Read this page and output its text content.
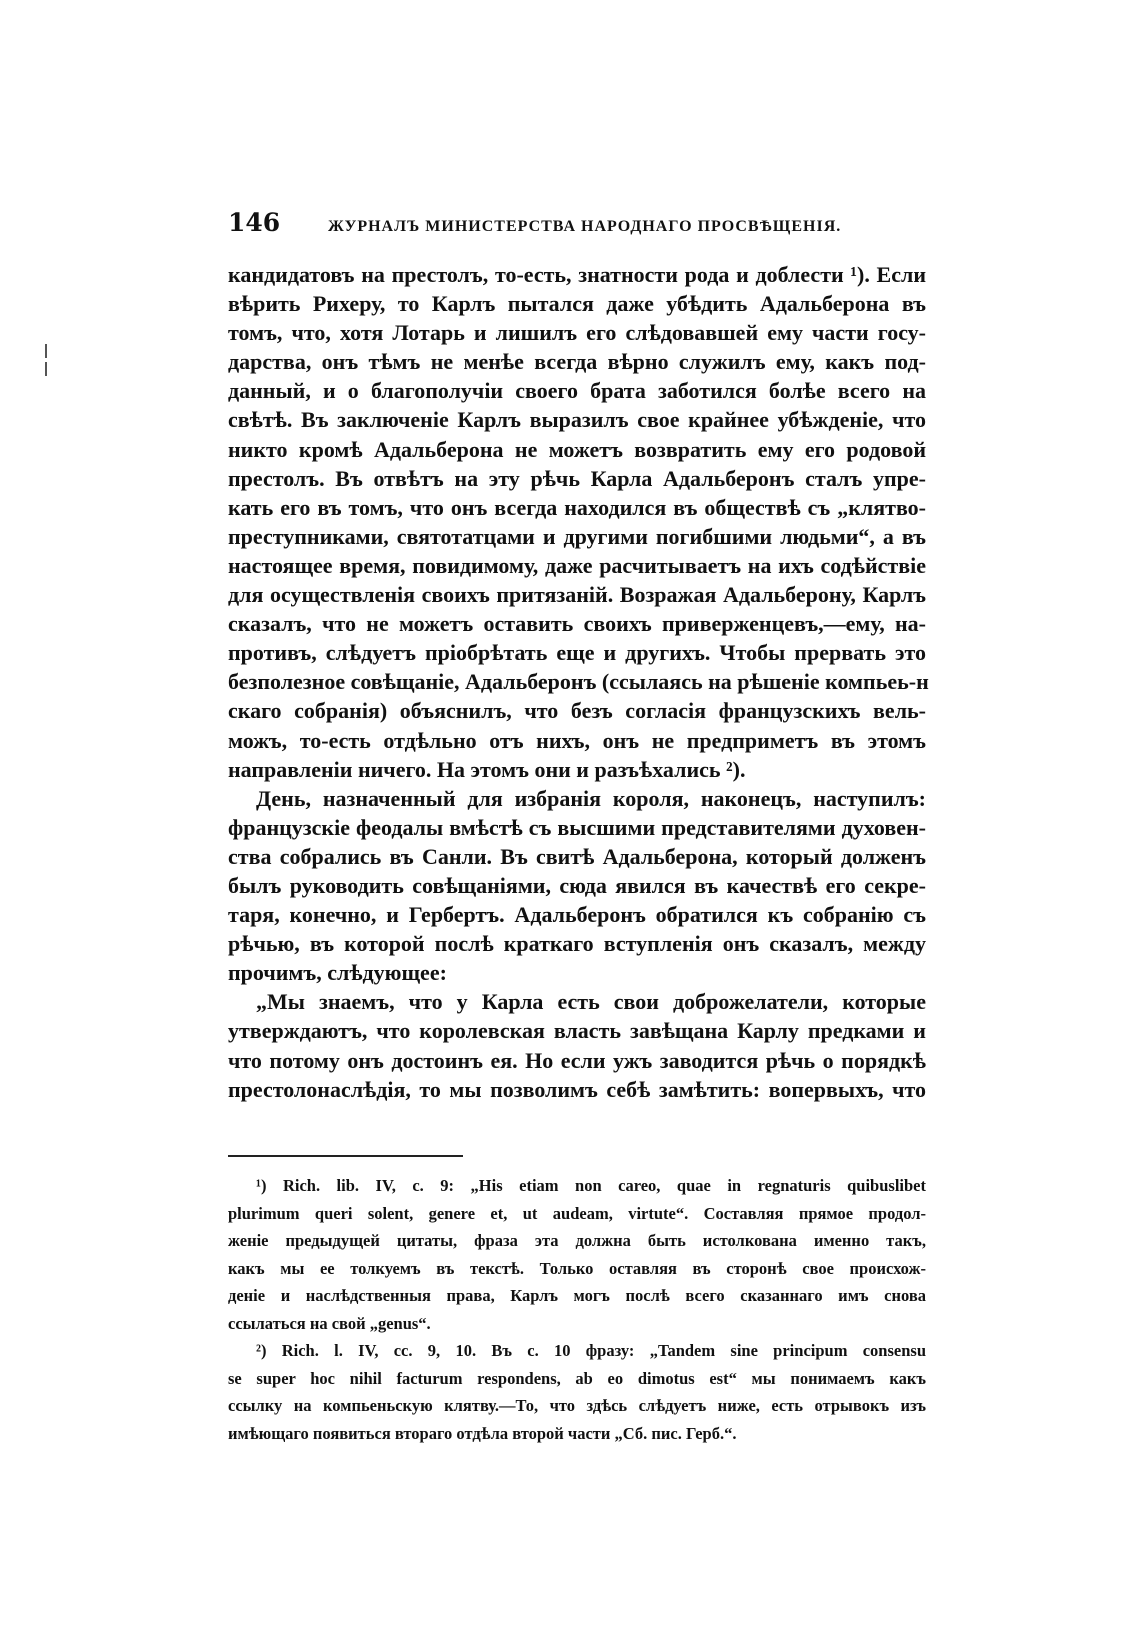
146	ЖУРНАЛЪ МИНИСТЕРСТВА НАРОДНАГО ПРОСВѢЩЕНІЯ.
кандидатовъ на престолъ, то-есть, знатности рода и доблести ¹). Если
вѣрить Рихеру, то Карлъ пытался даже убѣдить Адальберона въ
томъ, что, хотя Лотарь и лишилъ его слѣдовавшей ему части госу-
дарства, онъ тѣмъ не менѣе всегда вѣрно служилъ ему, какъ под-
данный, и о благополучіи своего брата заботился болѣе всего на
свѣтѣ. Въ заключеніе Карлъ выразилъ свое крайнее убѣжденіе, что
никто кромѣ Адальберона не можетъ возвратить ему его родовой
престолъ. Въ отвѣтъ на эту рѣчь Карла Адальберонъ сталъ упре-
кать его въ томъ, что онъ всегда находился въ обществѣ съ „клятво-
преступниками, святотатцами и другими погибшими людьми“, а въ
настоящее время, повидимому, даже расчитываетъ на ихъ содѣйствіе
для осуществленія своихъ притязаній. Возражая Адальберону, Карлъ
сказалъ, что не можетъ оставить своихъ приверженцевъ,—ему, на-
противъ, слѣдуетъ пріобрѣтать еще и другихъ. Чтобы прервать это
безполезное совѣщаніе, Адальберонъ (ссылаясь на рѣшеніе компьеь-н
скаго собранія) объяснилъ, что безъ согласія французскихъ вель-
можъ, то-есть отдѣльно отъ нихъ, онъ не предприметъ въ этомъ
направленіи ничего. На этомъ они и разъѣхались ²).
День, назначенный для избранія короля, наконецъ, наступилъ:
французскіе феодалы вмѣстѣ съ высшими представителями духовен-
ства собрались въ Санли. Въ свитѣ Адальберона, который долженъ
былъ руководить совѣщаніями, сюда явился въ качествѣ его секре-
таря, конечно, и Гербертъ. Адальберонъ обратился къ собранію съ
рѣчью, въ которой послѣ краткаго вступленія онъ сказалъ, между
прочимъ, слѣдующее:
„Мы знаемъ, что у Карла есть свои доброжелатели, которые
утверждаютъ, что королевская власть завѣщана Карлу предками и
что потому онъ достоинъ ея. Но если ужъ заводится рѣчь о порядкѣ
престолонаслѣдія, то мы позволимъ себѣ замѣтить: вопервыхъ, что
¹) Rich. lib. IV, c. 9: „His etiam non careo, quae in regnaturis quibuslibet
plurimum queri solent, genere et, ut audeam, virtute“. Составляя прямое продол-
женіе предыдущей цитаты, фраза эта должна быть истолкована именно такъ,
какъ мы ее толкуемъ въ текстѣ. Только оставляя въ сторонѣ свое происхож-
деніе и наслѣдственныя права, Карлъ могъ послѣ всего сказаннаго имъ снова
ссылаться на свой „genus“.
²) Rich. l. IV, cc. 9, 10. Въ c. 10 фразу: „Tandem sine principum consensu
se super hoc nihil facturum respondens, ab eo dimotus est“ мы понимаемъ какъ
ссылку на компьеньскую клятву.—То, что здѣсь слѣдуетъ ниже, есть отрывокъ изъ
имѣющаго появиться втораго отдѣла второй части „Сб. пис. Герб.“.
